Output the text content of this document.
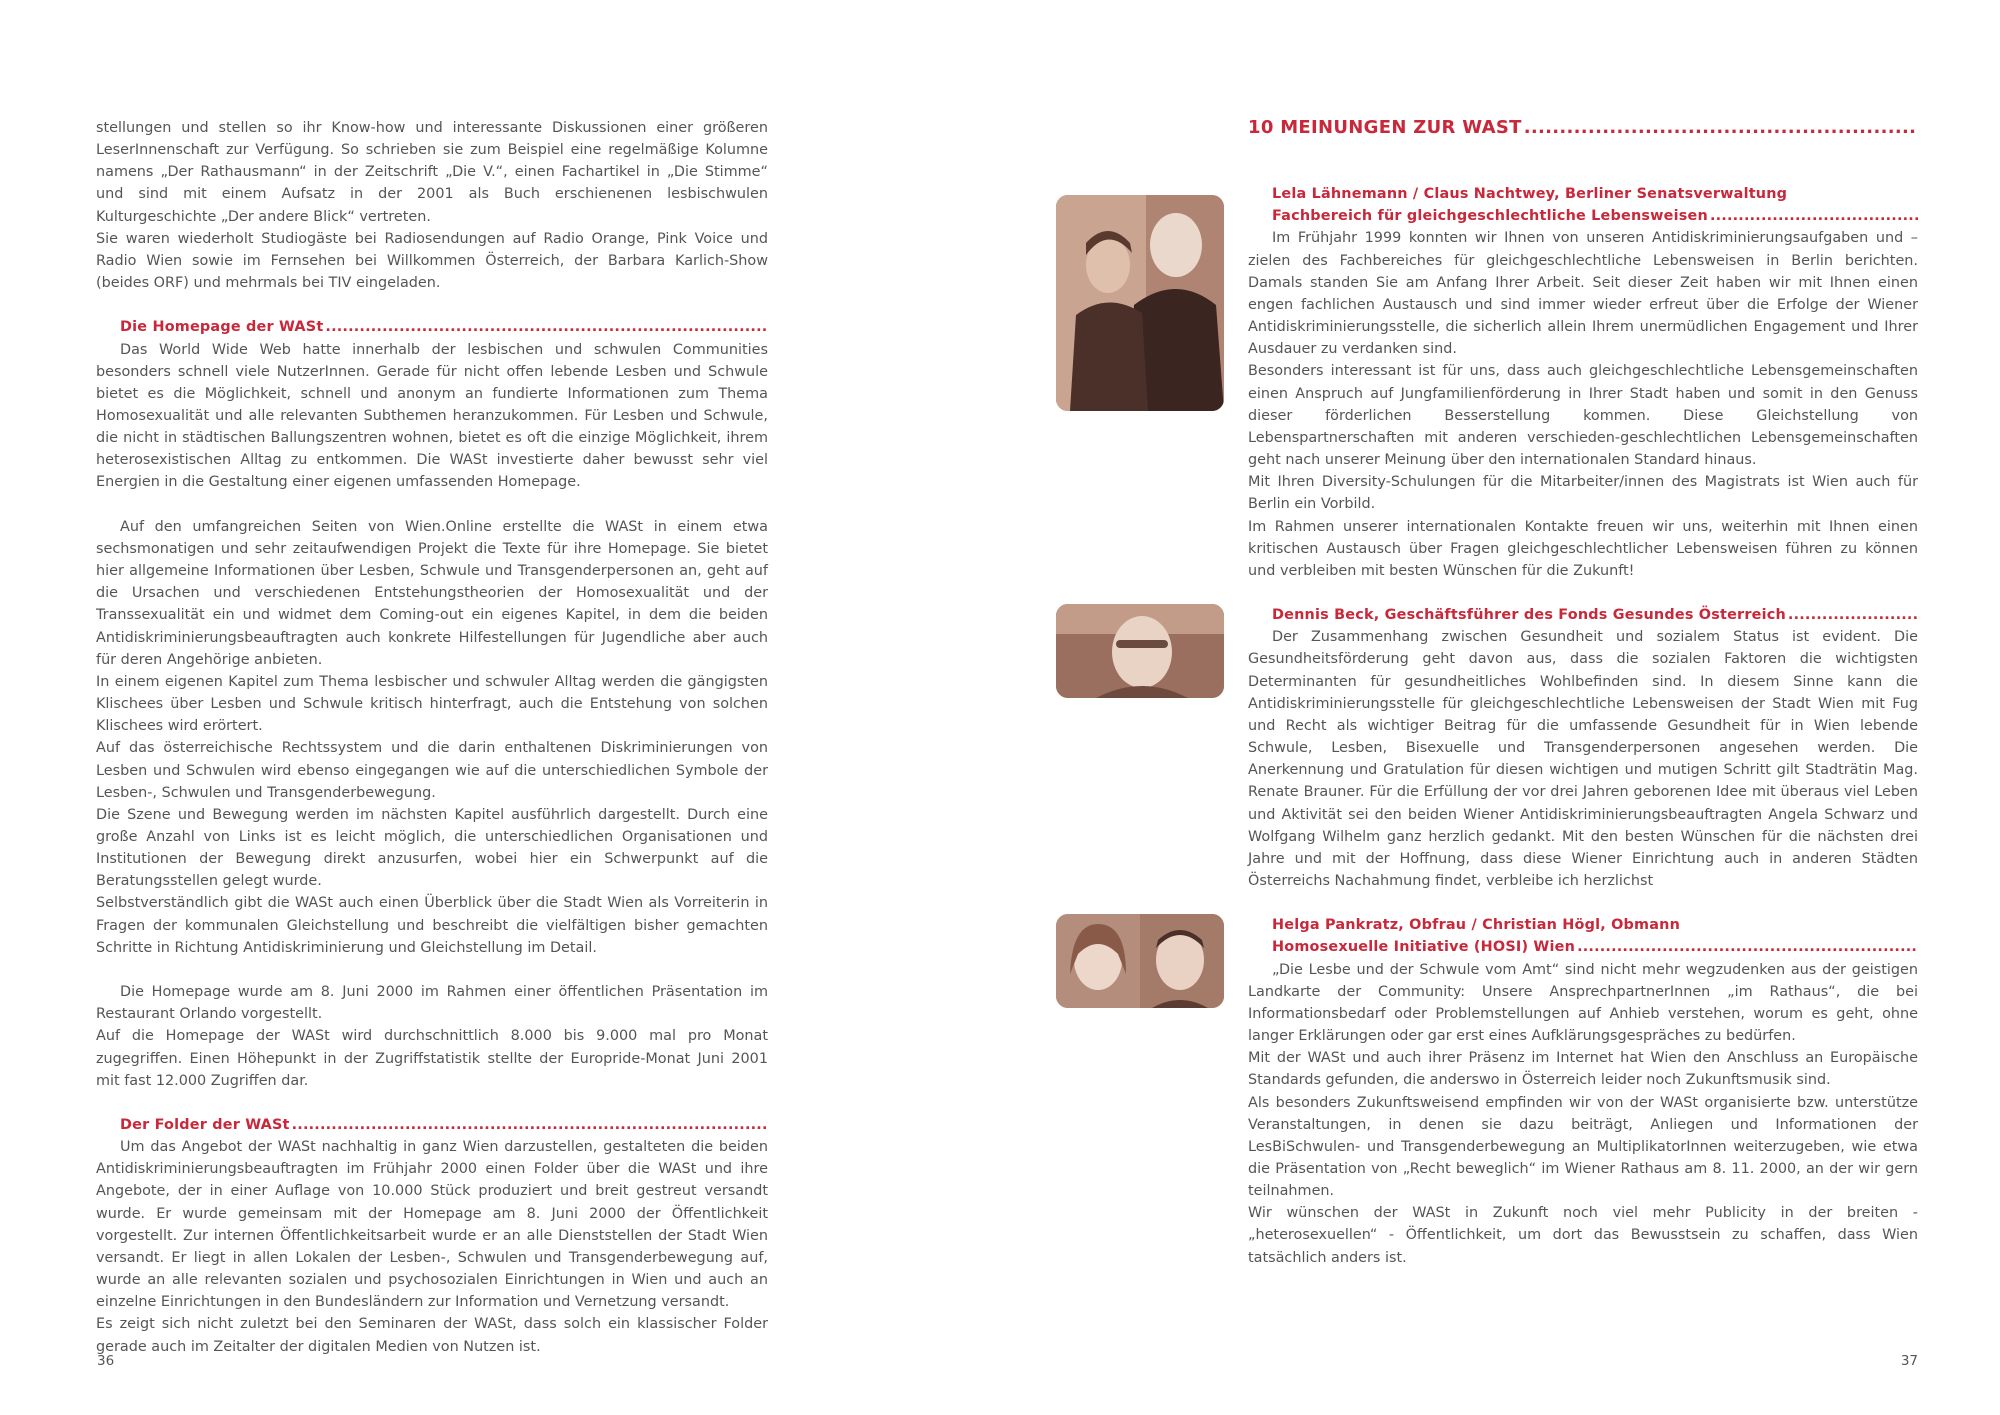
stellungen und stellen so ihr Know-how und interessante Diskussionen einer größeren LeserInnenschaft zur Verfügung. So schrieben sie zum Beispiel eine regelmäßige Kolumne namens „Der Rathausmann“ in der Zeitschrift „Die V.“, einen Fachartikel in „Die Stimme“ und sind mit einem Aufsatz in der 2001 als Buch erschienenen lesbischwulen Kulturgeschichte „Der andere Blick“ vertreten.

Sie waren wiederholt Studiogäste bei Radiosendungen auf Radio Orange, Pink Voice und Radio Wien sowie im Fernsehen bei Willkommen Österreich, der Barbara Karlich-Show (beides ORF) und mehrmals bei TIV eingeladen.

Die Homepage der WASt
.....

Das World Wide Web hatte innerhalb der lesbischen und schwulen Communities besonders schnell viele NutzerInnen. Gerade für nicht offen lebende Lesben und Schwule bietet es die Möglichkeit, schnell und anonym an fundierte Informationen zum Thema Homosexualität und alle relevanten Subthemen heranzukommen. Für Lesben und Schwule, die nicht in städtischen Ballungszentren wohnen, bietet es oft die einzige Möglichkeit, ihrem heterosexistischen Alltag zu entkommen. Die WASt investierte daher bewusst sehr viel Energien in die Gestaltung einer eigenen umfassenden Homepage.

Auf den umfangreichen Seiten von Wien.Online erstellte die WASt in einem etwa sechsmonatigen und sehr zeitaufwendigen Projekt die Texte für ihre Homepage. Sie bietet hier allgemeine Informationen über Lesben, Schwule und Transgenderpersonen an, geht auf die Ursachen und verschiedenen Entstehungstheorien der Homosexualität und der Transsexualität ein und widmet dem Coming-out ein eigenes Kapitel, in dem die beiden Antidiskriminierungsbeauftragten auch konkrete Hilfestellungen für Jugendliche aber auch für deren Angehörige anbieten.

In einem eigenen Kapitel zum Thema lesbischer und schwuler Alltag werden die gängigsten Klischees über Lesben und Schwule kritisch hinterfragt, auch die Entstehung von solchen Klischees wird erörtert.

Auf das österreichische Rechtssystem und die darin enthaltenen Diskriminierungen von Lesben und Schwulen wird ebenso eingegangen wie auf die unterschiedlichen Symbole der Lesben-, Schwulen und Transgenderbewegung.

Die Szene und Bewegung werden im nächsten Kapitel ausführlich dargestellt. Durch eine große Anzahl von Links ist es leicht möglich, die unterschiedlichen Organisationen und Institutionen der Bewegung direkt anzusurfen, wobei hier ein Schwerpunkt auf die Beratungsstellen gelegt wurde.

Selbstverständlich gibt die WASt auch einen Überblick über die Stadt Wien als Vorreiterin in Fragen der kommunalen Gleichstellung und beschreibt die vielfältigen bisher gemachten Schritte in Richtung Antidiskriminierung und Gleichstellung im Detail.

Die Homepage wurde am 8. Juni 2000 im Rahmen einer öffentlichen Präsentation im Restaurant Orlando vorgestellt.

Auf die Homepage der WASt wird durchschnittlich 8.000 bis 9.000 mal pro Monat zugegriffen. Einen Höhepunkt in der Zugriffstatistik stellte der Europride-Monat Juni 2001 mit fast 12.000 Zugriffen dar.

Der Folder der WASt
.....

Um das Angebot der WASt nachhaltig in ganz Wien darzustellen, gestalteten die beiden Antidiskriminierungsbeauftragten im Frühjahr 2000 einen Folder über die WASt und ihre Angebote, der in einer Auflage von 10.000 Stück produziert und breit gestreut versandt wurde. Er wurde gemeinsam mit der Homepage am 8. Juni 2000 der Öffentlichkeit vorgestellt. Zur internen Öffentlichkeitsarbeit wurde er an alle Dienststellen der Stadt Wien versandt. Er liegt in allen Lokalen der Lesben-, Schwulen und Transgenderbewegung auf, wurde an alle relevanten sozialen und psychosozialen Einrichtungen in Wien und auch an einzelne Einrichtungen in den Bundesländern zur Information und Vernetzung versandt.

Es zeigt sich nicht zuletzt bei den Seminaren der WASt, dass solch ein klassischer Folder gerade auch im Zeitalter der digitalen Medien von Nutzen ist.

36
10 MEINUNGEN ZUR WAST
.....
Lela Lähnemann / Claus Nachtwey, Berliner Senatsverwaltung
Fachbereich für gleichgeschlechtliche Lebensweisen
.....

Im Frühjahr 1999 konnten wir Ihnen von unseren Antidiskriminierungsaufgaben und –zielen des Fachbereiches für gleichgeschlechtliche Lebensweisen in Berlin berichten. Damals standen Sie am Anfang Ihrer Arbeit. Seit dieser Zeit haben wir mit Ihnen einen engen fachlichen Austausch und sind immer wieder erfreut über die Erfolge der Wiener Antidiskriminierungsstelle, die sicherlich allein Ihrem unermüdlichen Engagement und Ihrer Ausdauer zu verdanken sind.

Besonders interessant ist für uns, dass auch gleichgeschlechtliche Lebensgemeinschaften einen Anspruch auf Jungfamilienförderung in Ihrer Stadt haben und somit in den Genuss dieser förderlichen Besserstellung kommen. Diese Gleichstellung von Lebenspartnerschaften mit anderen verschieden-geschlechtlichen Lebensgemeinschaften geht nach unserer Meinung über den internationalen Standard hinaus.

Mit Ihren Diversity-Schulungen für die Mitarbeiter/innen des Magistrats ist Wien auch für Berlin ein Vorbild.

Im Rahmen unserer internationalen Kontakte freuen wir uns, weiterhin mit Ihnen einen kritischen Austausch über Fragen gleichgeschlechtlicher Lebensweisen führen zu können und verbleiben mit besten Wünschen für die Zukunft!

Dennis Beck, Geschäftsführer des Fonds Gesundes Österreich
.....

Der Zusammenhang zwischen Gesundheit und sozialem Status ist evident. Die Gesundheitsförderung geht davon aus, dass die sozialen Faktoren die wichtigsten Determinanten für gesundheitliches Wohlbefinden sind. In diesem Sinne kann die Antidiskriminierungsstelle für gleichgeschlechtliche Lebensweisen der Stadt Wien mit Fug und Recht als wichtiger Beitrag für die umfassende Gesundheit für in Wien lebende Schwule, Lesben, Bisexuelle und Transgenderpersonen angesehen werden. Die Anerkennung und Gratulation für diesen wichtigen und mutigen Schritt gilt Stadträtin Mag. Renate Brauner. Für die Erfüllung der vor drei Jahren geborenen Idee mit überaus viel Leben und Aktivität sei den beiden Wiener Antidiskriminierungsbeauftragten Angela Schwarz und Wolfgang Wilhelm ganz herzlich gedankt. Mit den besten Wünschen für die nächsten drei Jahre und mit der Hoffnung, dass diese Wiener Einrichtung auch in anderen Städten Österreichs Nachahmung findet, verbleibe ich herzlichst

Helga Pankratz, Obfrau / Christian Högl, Obmann
Homosexuelle Initiative (HOSI) Wien
.....

„Die Lesbe und der Schwule vom Amt“ sind nicht mehr wegzudenken aus der geistigen Landkarte der Community: Unsere AnsprechpartnerInnen „im Rathaus“, die bei Informationsbedarf oder Problemstellungen auf Anhieb verstehen, worum es geht, ohne langer Erklärungen oder gar erst eines Aufklärungsgespräches zu bedürfen.

Mit der WASt und auch ihrer Präsenz im Internet hat Wien den Anschluss an Europäische Standards gefunden, die anderswo in Österreich leider noch Zukunftsmusik sind.

Als besonders Zukunftsweisend empfinden wir von der WASt organisierte bzw. unterstütze Veranstaltungen, in denen sie dazu beiträgt, Anliegen und Informationen der LesBiSchwulen- und Transgenderbewegung an MultiplikatorInnen weiterzugeben, wie etwa die Präsentation von „Recht beweglich“ im Wiener Rathaus am 8. 11. 2000, an der wir gern teilnahmen.

Wir wünschen der WASt in Zukunft noch viel mehr Publicity in der breiten - „heterosexuellen“ - Öffentlichkeit, um dort das Bewusstsein zu schaffen, dass Wien tatsächlich anders ist.

37
